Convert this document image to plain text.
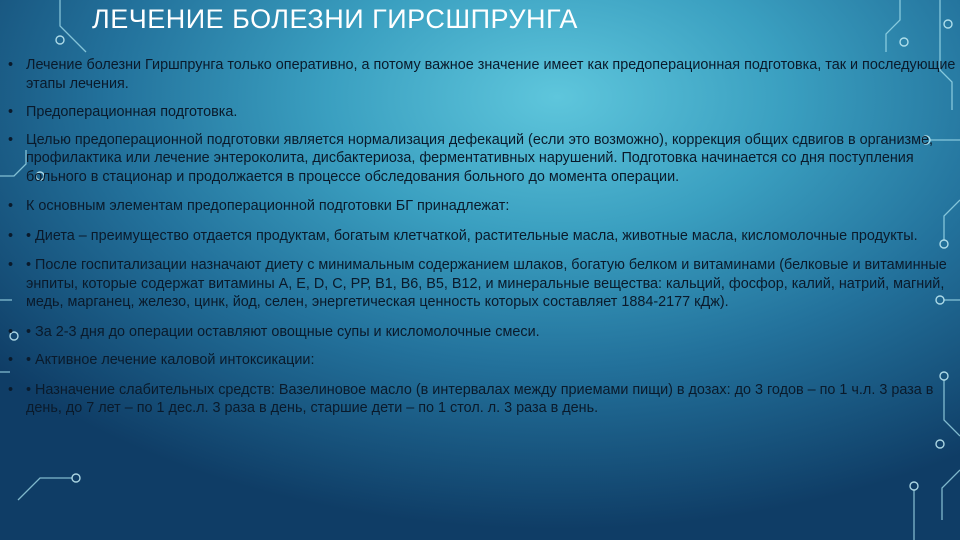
ЛЕЧЕНИЕ БОЛЕЗНИ ГИРСШПРУНГА
• Лечение болезни Гиршпрунга только оперативно, а потому важное значение имеет как предоперационная подготовка, так и последующие этапы лечения.
• Предоперационная подготовка.
• Целью предоперационной подготовки является нормализация дефекаций (если это возможно), коррекция общих сдвигов в организме, профилактика или лечение энтероколита, дисбактериоза, ферментативных нарушений. Подготовка начинается со дня поступления больного в стационар и продолжается в процессе обследования больного до момента операции.
• К основным элементам предоперационной подготовки БГ принадлежат:
• • Диета – преимущество отдается продуктам, богатым клетчаткой, растительные масла, животные масла, кисломолочные продукты.
• • После госпитализации назначают диету с минимальным содержанием шлаков, богатую белком и витаминами (белковые и витаминные энпиты, которые содержат витамины А, Е, D, С, РР, В1, В6, В5, В12, и минеральные вещества: кальций, фосфор, калий, натрий, магний, медь, марганец, железо, цинк, йод, селен, энергетическая ценность которых составляет 1884-2177 кДж).
• • За 2-3 дня до операции оставляют овощные супы и кисломолочные смеси.
• • Активное лечение каловой интоксикации:
• • Назначение слабительных средств: Вазелиновое масло (в интервалах между приемами пищи) в дозах: до 3 годов – по 1 ч.л. 3 раза в день, до 7 лет – по 1 дес.л. 3 раза в день, старшие дети – по 1 стол. л. 3 раза в день.
